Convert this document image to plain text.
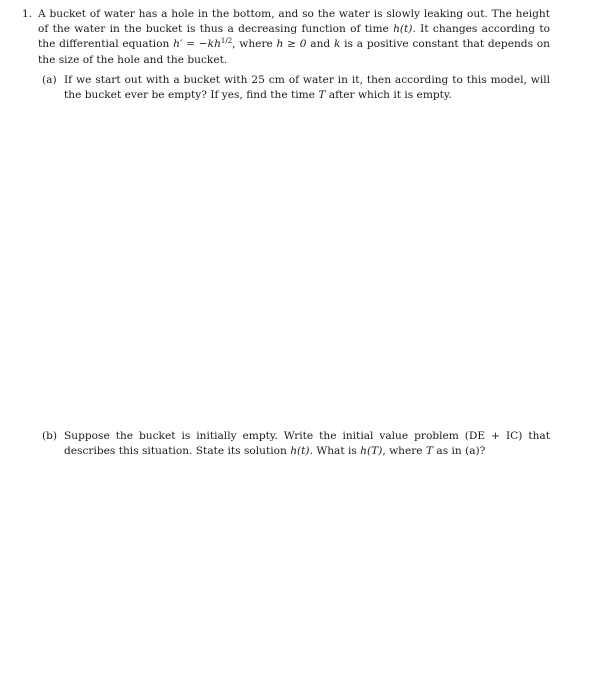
1. A bucket of water has a hole in the bottom, and so the water is slowly leaking out. The height of the water in the bucket is thus a decreasing function of time h(t). It changes according to the differential equation $h' = -kh^{1/2}$, where h ≥ 0 and k is a positive constant that depends on the size of the hole and the bucket.
(a) If we start out with a bucket with 25 cm of water in it, then according to this model, will the bucket ever be empty? If yes, find the time T after which it is empty.
(b) Suppose the bucket is initially empty. Write the initial value problem (DE + IC) that describes this situation. State its solution h(t). What is h(T), where T as in (a)?
